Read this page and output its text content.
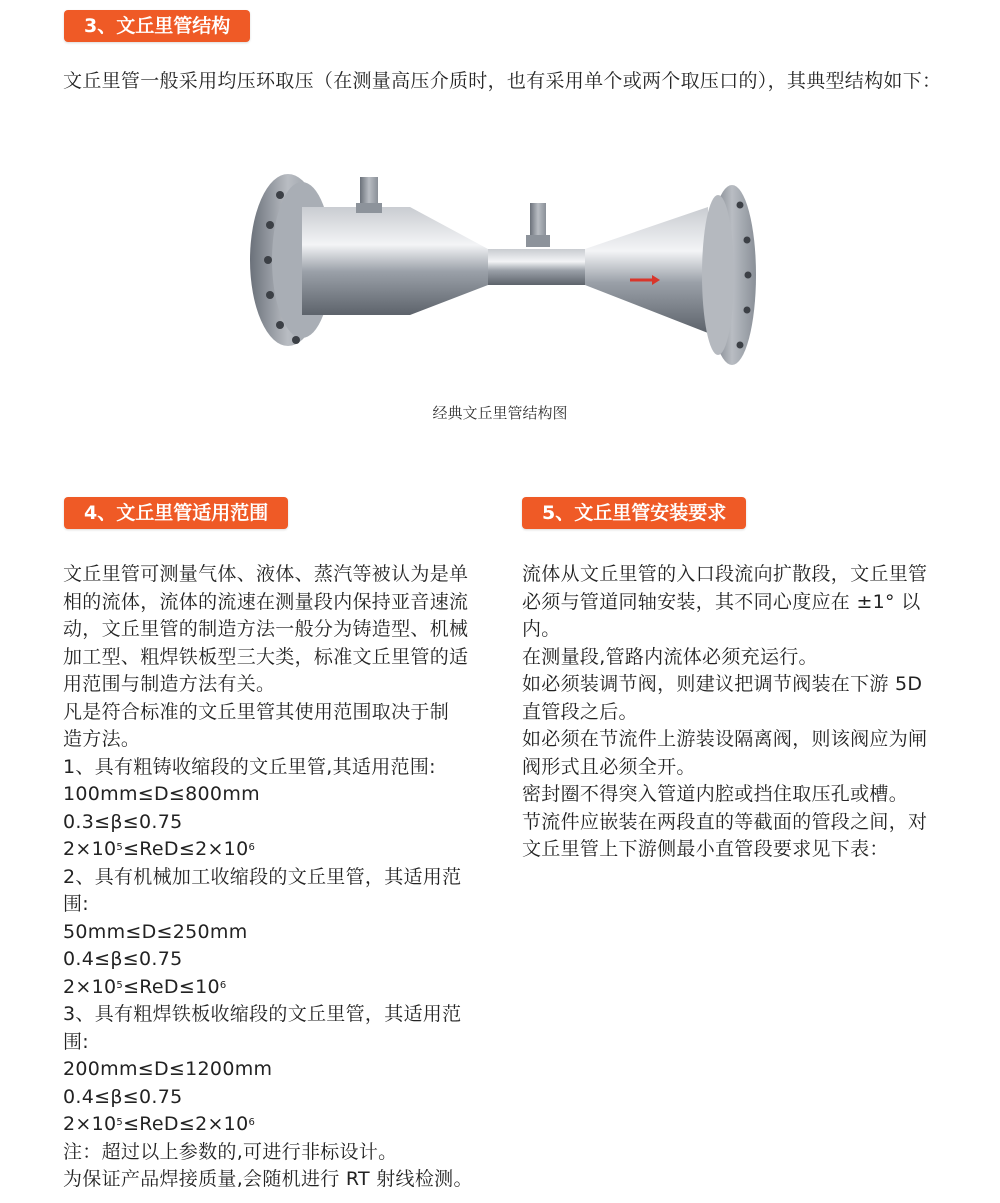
3、文丘里管结构

文丘里管一般采用均压环取压（在测量高压介质时，也有采用单个或两个取压口的），其典型结构如下：

经典文丘里管结构图
4、文丘里管适用范围
文丘里管可测量气体、液体、蒸汽等被认为是单
相的流体，流体的流速在测量段内保持亚音速流
动，文丘里管的制造方法一般分为铸造型、机械
加工型、粗焊铁板型三大类，标准文丘里管的适
用范围与制造方法有关。
凡是符合标准的文丘里管其使用范围取决于制
造方法。
1、具有粗铸收缩段的文丘里管,其适用范围:
100mm≤D≤800mm
0.3≤β≤0.75
$2\times 10^5\le ReD\le 2\times 10^6$
2、具有机械加工收缩段的文丘里管，其适用范
围:
50mm≤D≤250mm
0.4≤β≤0.75
$2\times 10^5\le ReD\le 10^6$
3、具有粗焊铁板收缩段的文丘里管，其适用范
围:
200mm≤D≤1200mm
0.4≤β≤0.75
$2\times 10^5\le ReD\le 2\times 10^6$
注：超过以上参数的,可进行非标设计。
为保证产品焊接质量,会随机进行 RT 射线检测。
5、文丘里管安装要求
流体从文丘里管的入口段流向扩散段，文丘里管
必须与管道同轴安装，其不同心度应在 ±1° 以
内。
在测量段,管路内流体必须充运行。
如必须装调节阀，则建议把调节阀装在下游 5D
直管段之后。
如必须在节流件上游装设隔离阀，则该阀应为闸
阀形式且必须全开。
密封圈不得突入管道内腔或挡住取压孔或槽。
节流件应嵌装在两段直的等截面的管段之间，对
文丘里管上下游侧最小直管段要求见下表：
